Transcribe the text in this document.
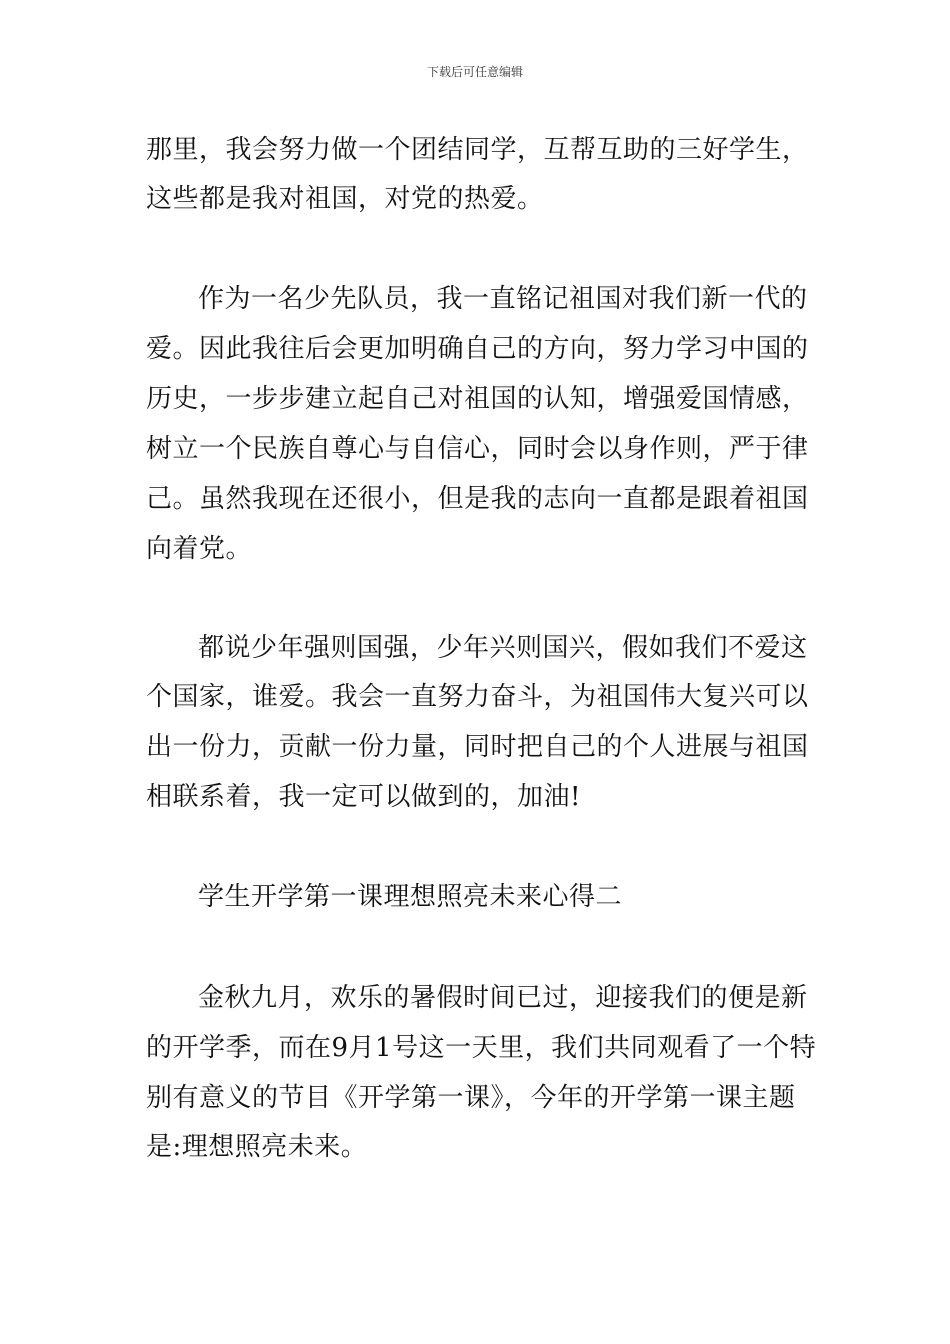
下载后可任意编辑
那里，我会努力做一个团结同学，互帮互助的三好学生，
这些都是我对祖国，对党的热爱。
作为一名少先队员，我一直铭记祖国对我们新一代的
爱。因此我往后会更加明确自己的方向，努力学习中国的
历史，一步步建立起自己对祖国的认知，增强爱国情感，
树立一个民族自尊心与自信心，同时会以身作则，严于律
己。虽然我现在还很小，但是我的志向一直都是跟着祖国
向着党。
都说少年强则国强，少年兴则国兴，假如我们不爱这
个国家，谁爱。我会一直努力奋斗，为祖国伟大复兴可以
出一份力，贡献一份力量，同时把自己的个人进展与祖国
相联系着，我一定可以做到的，加油!
学生开学第一课理想照亮未来心得二
金秋九月，欢乐的暑假时间已过，迎接我们的便是新
的开学季，而在9月1号这一天里，我们共同观看了一个特
别有意义的节目《开学第一课》，今年的开学第一课主题
是:理想照亮未来。
